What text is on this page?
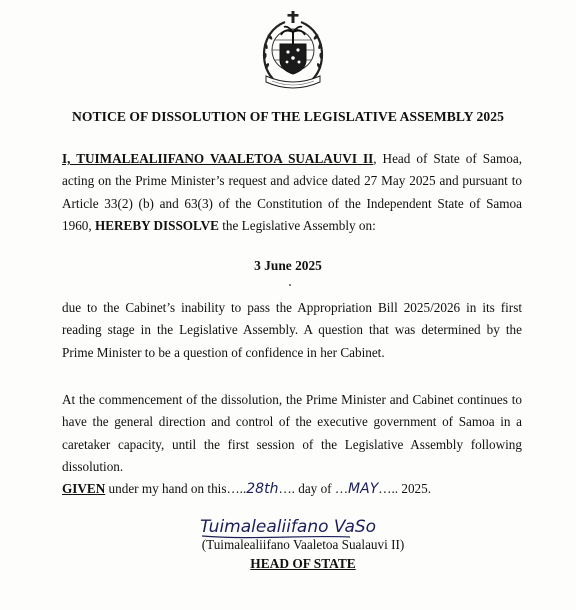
NOTICE OF DISSOLUTION OF THE LEGISLATIVE ASSEMBLY 2025
I, TUIMALEALIIFANO VAALETOA SUALAUVI II, Head of State of Samoa, acting on the Prime Minister’s request and advice dated 27 May 2025 and pursuant to Article 33(2) (b) and 63(3) of the Constitution of the Independent State of Samoa 1960, HEREBY DISSOLVE the Legislative Assembly on:
3 June 2025
due to the Cabinet’s inability to pass the Appropriation Bill 2025/2026 in its first reading stage in the Legislative Assembly. A question that was determined by the Prime Minister to be a question of confidence in her Cabinet.
At the commencement of the dissolution, the Prime Minister and Cabinet continues to have the general direction and control of the executive government of Samoa in a caretaker capacity, until the first session of the Legislative Assembly following dissolution.
GIVEN under my hand on this…..28th…. day of …MAY….. 2025.
Tuimalealiifano VaSo
(Tuimalealiifano Vaaletoa Sualauvi II)
HEAD OF STATE
